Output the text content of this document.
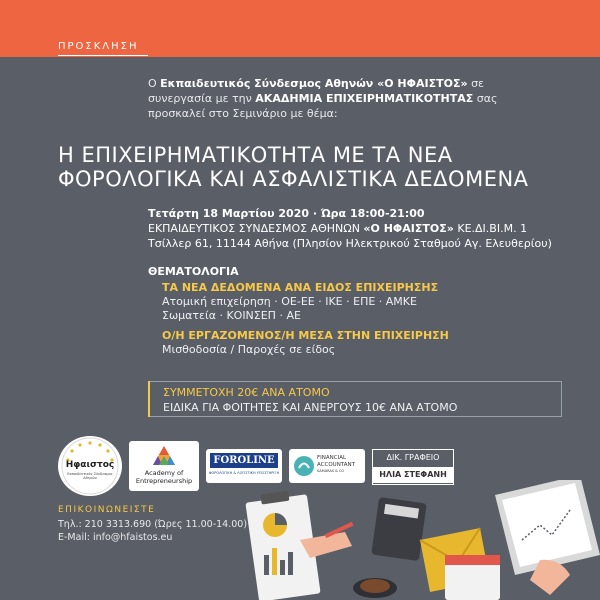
ΠΡΟΣΚΛΗΣΗ
Ο Εκπαιδευτικός Σύνδεσμος Αθηνών «Ο ΗΦΑΙΣΤΟΣ» σε συνεργασία με την ΑΚΑΔΗΜΙΑ ΕΠΙΧΕΙΡΗΜΑΤΙΚΟΤΗΤΑΣ σας προσκαλεί στο Σεμινάριο με θέμα:
Η ΕΠΙΧΕΙΡΗΜΑΤΙΚΟΤΗΤΑ ΜΕ ΤΑ ΝΕΑ
ΦΟΡΟΛΟΓΙΚΑ ΚΑΙ ΑΣΦΑΛΙΣΤΙΚΑ ΔΕΔΟΜΕΝΑ
Τετάρτη 18 Μαρτίου 2020 · Ώρα 18:00-21:00
ΕΚΠΑΙΔΕΥΤΙΚΟΣ ΣΥΝΔΕΣΜΟΣ ΑΘΗΝΩΝ «Ο ΗΦΑΙΣΤΟΣ» ΚΕ.ΔΙ.ΒΙ.Μ. 1
Τσίλλερ 61, 11144 Αθήνα (Πλησίον Ηλεκτρικού Σταθμού Αγ. Ελευθερίου)
ΘΕΜΑΤΟΛΟΓΙΑ
ΤΑ ΝΕΑ ΔΕΔΟΜΕΝΑ ΑΝΑ ΕΙΔΟΣ ΕΠΙΧΕΙΡΗΣΗΣ
Ατομική επιχείρηση · ΟΕ-ΕΕ · ΙΚΕ · ΕΠΕ · ΑΜΚΕ
Σωματεία · ΚΟΙΝΣΕΠ · ΑΕ
Ο/Η ΕΡΓΑΖΟΜΕΝΟΣ/Η ΜΕΣΑ ΣΤΗΝ ΕΠΙΧΕΙΡΗΣΗ
Μισθοδοσία / Παροχές σε είδος
ΣΥΜΜΕΤΟΧΗ 20€ ΑΝΑ ΑΤΟΜΟ
ΕΙΔΙΚΑ ΓΙΑ ΦΟΙΤΗΤΕΣ ΚΑΙ ΑΝΕΡΓΟΥΣ 10€ ΑΝΑ ΑΤΟΜΟ
Ηφαιστος
Εκπαιδευτικός Σύνδεσμος Αθηνών
Academy of
Entrepreneurship
FOROLINE
ΦΟΡΟΛΟΓΙΚΗ & ΛΟΓΙΣΤΙΚΗ ΥΠΟΣΤΗΡΙΞΗ
FINANCIAL
ACCOUNTANT
SAMARAS & CO
ΔΙΚ. ΓΡΑΦΕΙΟ
ΗΛΙΑ ΣΤΕΦΑΝΗ
ΕΠΙΚΟΙΝΩΝΕΙΣΤΕ
Τηλ.: 210 3313.690 (Ώρες 11.00-14.00)
E-Mail: info@hfaistos.eu
